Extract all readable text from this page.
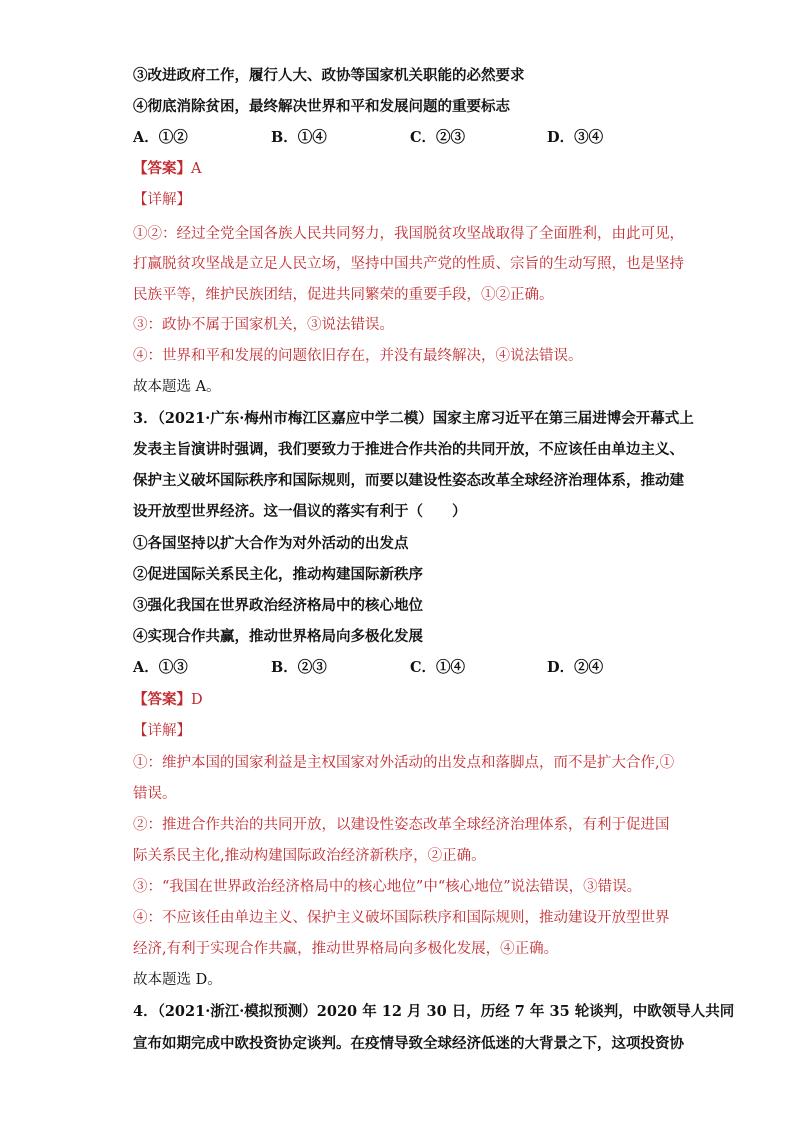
③改进政府工作，履行人大、政协等国家机关职能的必然要求
④彻底消除贫困，最终解决世界和平和发展问题的重要标志
A．①②	B．①④	C．②③	D．③④
【答案】A
【详解】
①②：经过全党全国各族人民共同努力，我国脱贫攻坚战取得了全面胜利，由此可见，
打赢脱贫攻坚战是立足人民立场，坚持中国共产党的性质、宗旨的生动写照，也是坚持
民族平等，维护民族团结，促进共同繁荣的重要手段，①②正确。
③：政协不属于国家机关，③说法错误。
④：世界和平和发展的问题依旧存在，并没有最终解决，④说法错误。
故本题选 A。
3．（2021·广东·梅州市梅江区嘉应中学二模）国家主席习近平在第三届进博会开幕式上
发表主旨演讲时强调，我们要致力于推进合作共治的共同开放，不应该任由单边主义、
保护主义破坏国际秩序和国际规则，而要以建设性姿态改革全球经济治理体系，推动建
设开放型世界经济。这一倡议的落实有利于（　　）
①各国坚持以扩大合作为对外活动的出发点
②促进国际关系民主化，推动构建国际新秩序
③强化我国在世界政治经济格局中的核心地位
④实现合作共赢，推动世界格局向多极化发展
A．①③	B．②③	C．①④	D．②④
【答案】D
【详解】
①：维护本国的国家利益是主权国家对外活动的出发点和落脚点，而不是扩大合作,①
错误。
②：推进合作共治的共同开放，以建设性姿态改革全球经济治理体系，有利于促进国
际关系民主化,推动构建国际政治经济新秩序，②正确。
③：“我国在世界政治经济格局中的核心地位”中“核心地位”说法错误，③错误。
④：不应该任由单边主义、保护主义破坏国际秩序和国际规则，推动建设开放型世界
经济,有利于实现合作共赢，推动世界格局向多极化发展，④正确。
故本题选 D。
4．（2021·浙江·模拟预测）2020 年 12 月 30 日，历经 7 年 35 轮谈判，中欧领导人共同
宣布如期完成中欧投资协定谈判。在疫情导致全球经济低迷的大背景之下，这项投资协
